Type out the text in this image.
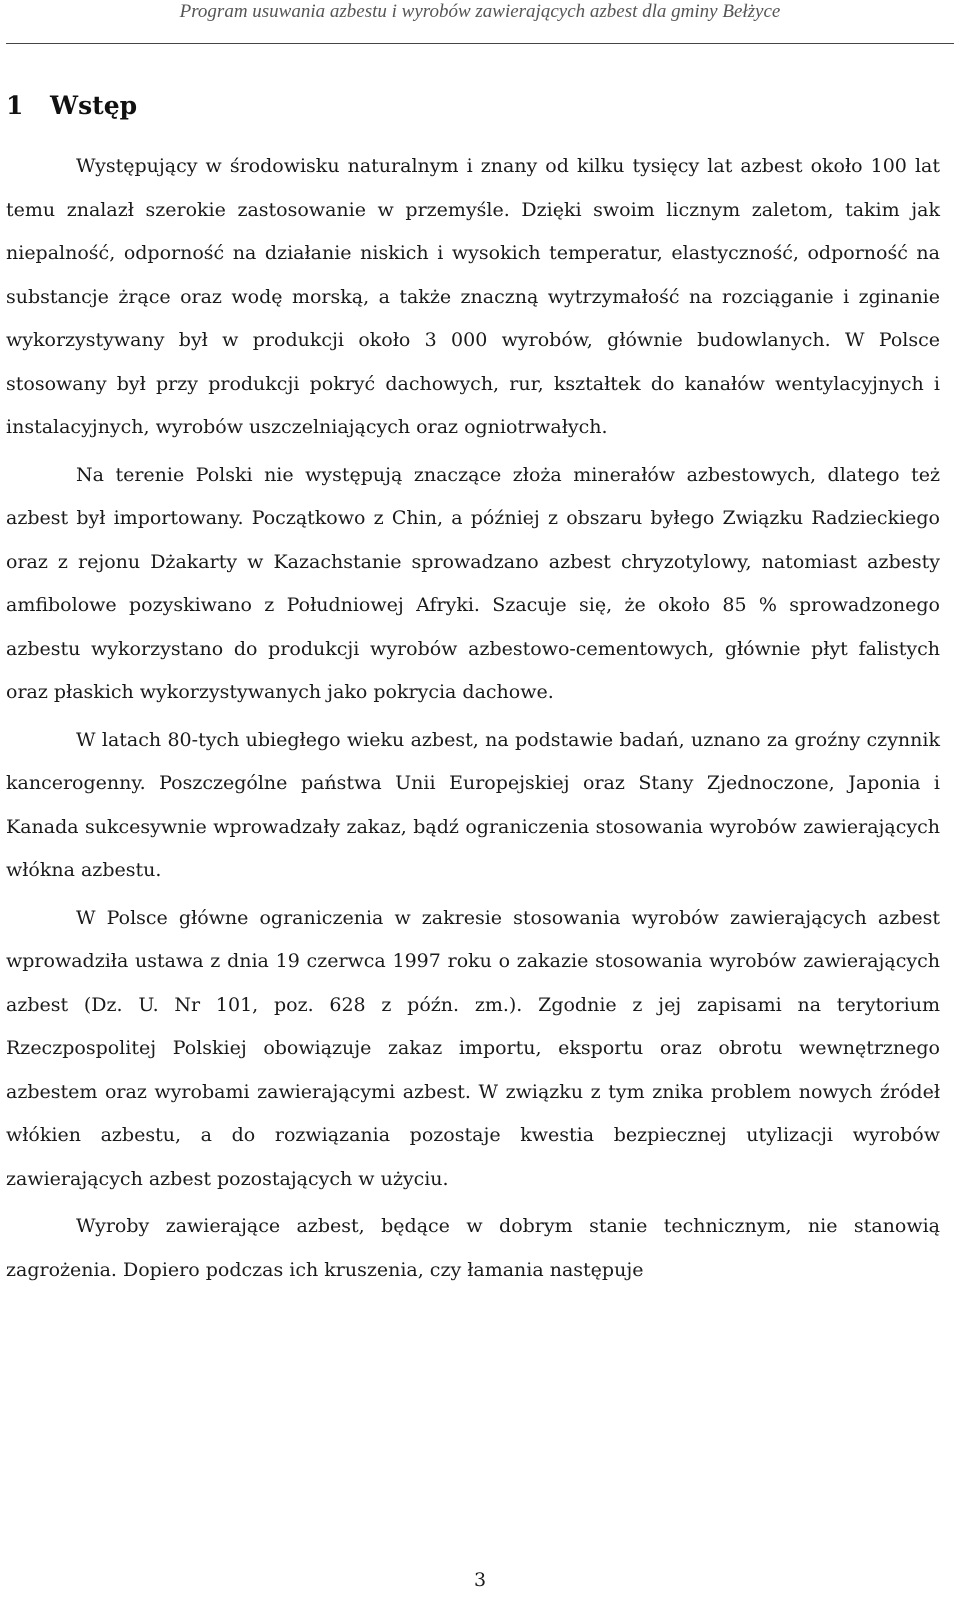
Program usuwania azbestu i wyrobów zawierających azbest dla gminy Bełżyce
1 Wstęp

Występujący w środowisku naturalnym i znany od kilku tysięcy lat azbest około 100 lat temu znalazł szerokie zastosowanie w przemyśle. Dzięki swoim licznym zaletom, takim jak niepalność, odporność na działanie niskich i wysokich temperatur, elastyczność, odporność na substancje żrące oraz wodę morską, a także znaczną wytrzymałość na rozciąganie i zginanie wykorzystywany był w produkcji około 3 000 wyrobów, głównie budowlanych. W Polsce stosowany był przy produkcji pokryć dachowych, rur, kształtek do kanałów wentylacyjnych i instalacyjnych, wyrobów uszczelniających oraz ogniotrwałych.

Na terenie Polski nie występują znaczące złoża minerałów azbestowych, dlatego też azbest był importowany. Początkowo z Chin, a później z obszaru byłego Związku Radzieckiego oraz z rejonu Dżakarty w Kazachstanie sprowadzano azbest chryzotylowy, natomiast azbesty amfibolowe pozyskiwano z Południowej Afryki. Szacuje się, że około 85 % sprowadzonego azbestu wykorzystano do produkcji wyrobów azbestowo-cementowych, głównie płyt falistych oraz płaskich wykorzystywanych jako pokrycia dachowe.

W latach 80-tych ubiegłego wieku azbest, na podstawie badań, uznano za groźny czynnik kancerogenny. Poszczególne państwa Unii Europejskiej oraz Stany Zjednoczone, Japonia i Kanada sukcesywnie wprowadzały zakaz, bądź ograniczenia stosowania wyrobów zawierających włókna azbestu.

W Polsce główne ograniczenia w zakresie stosowania wyrobów zawierających azbest wprowadziła ustawa z dnia 19 czerwca 1997 roku o zakazie stosowania wyrobów zawierających azbest (Dz. U. Nr 101, poz. 628 z późn. zm.). Zgodnie z jej zapisami na terytorium Rzeczpospolitej Polskiej obowiązuje zakaz importu, eksportu oraz obrotu wewnętrznego azbestem oraz wyrobami zawierającymi azbest. W związku z tym znika problem nowych źródeł włókien azbestu, a do rozwiązania pozostaje kwestia bezpiecznej utylizacji wyrobów zawierających azbest pozostających w użyciu.

Wyroby zawierające azbest, będące w dobrym stanie technicznym, nie stanowią zagrożenia. Dopiero podczas ich kruszenia, czy łamania następuje

3
